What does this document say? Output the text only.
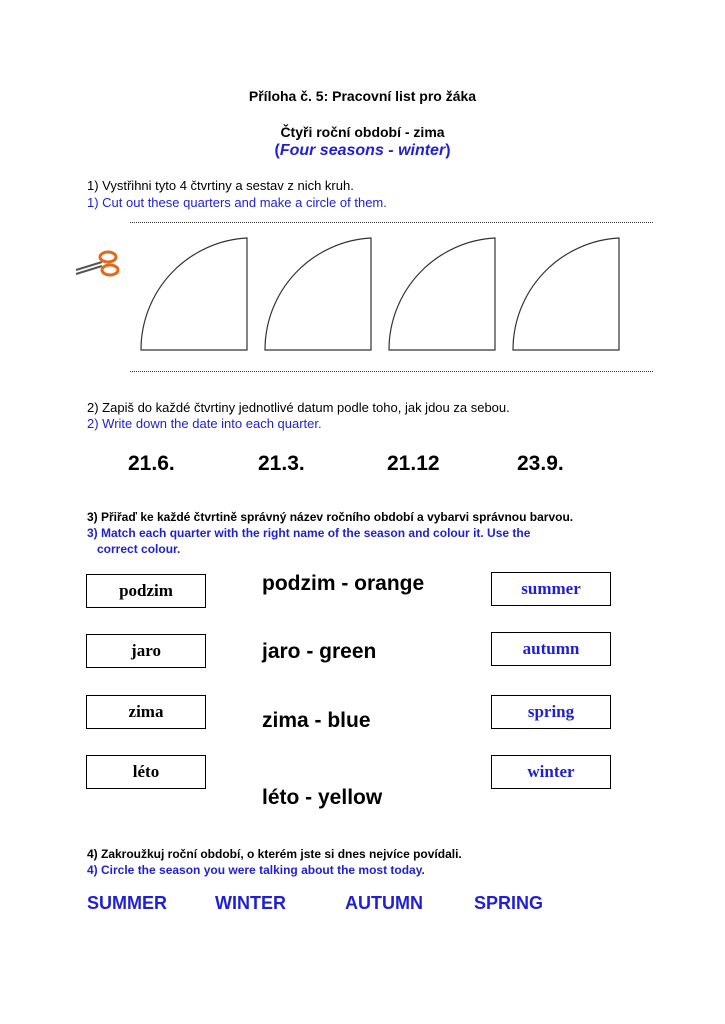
Příloha č. 5: Pracovní list pro žáka
Čtyři roční období - zima
(Four seasons - winter)
1) Vystřihni tyto 4 čtvrtiny a sestav z nich kruh.
1) Cut out these quarters and make a circle of them.
2) Zapiš do každé čtvrtiny jednotlivé datum podle toho, jak jdou za sebou.
2) Write down the date into each quarter.
21.6.	21.3.	21.12	23.9.
3) Přiřaď ke každé čtvrtině správný název ročního období a vybarvi správnou barvou.
3) Match each quarter with the right name of the season and colour it. Use the
correct colour.
podzim
jaro
zima
léto
podzim - orange
jaro - green
zima - blue
léto - yellow
summer
autumn
spring
winter
4) Zakroužkuj roční období, o kterém jste si dnes nejvíce povídali.
4) Circle the season you were talking about the most today.
SUMMER	WINTER	AUTUMN	SPRING
